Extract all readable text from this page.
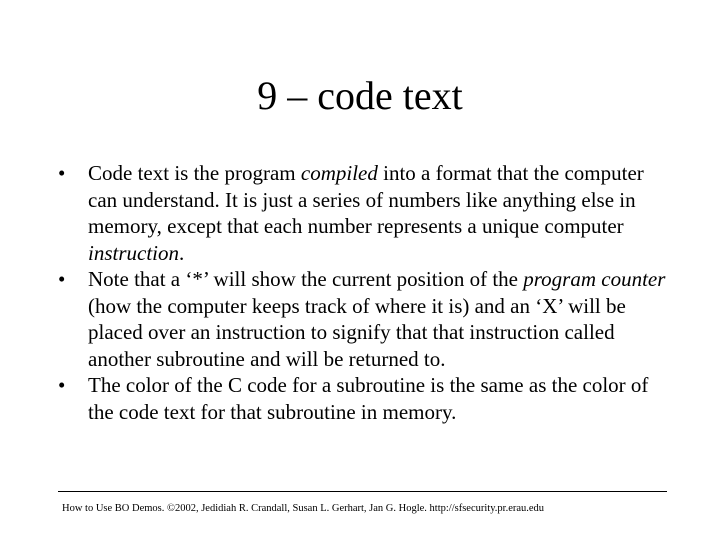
9 – code text
•	Code text is the program compiled into a format that the computer can understand. It is just a series of numbers like anything else in memory, except that each number represents a unique computer instruction.
•	Note that a ‘*’ will show the current position of the program counter (how the computer keeps track of where it is) and an ‘X’ will be placed over an instruction to signify that that instruction called another subroutine and will be returned to.
•	The color of the C code for a subroutine is the same as the color of the code text for that subroutine in memory.
How to Use BO Demos. ©2002, Jedidiah R. Crandall, Susan L. Gerhart, Jan G. Hogle. http://sfsecurity.pr.erau.edu
